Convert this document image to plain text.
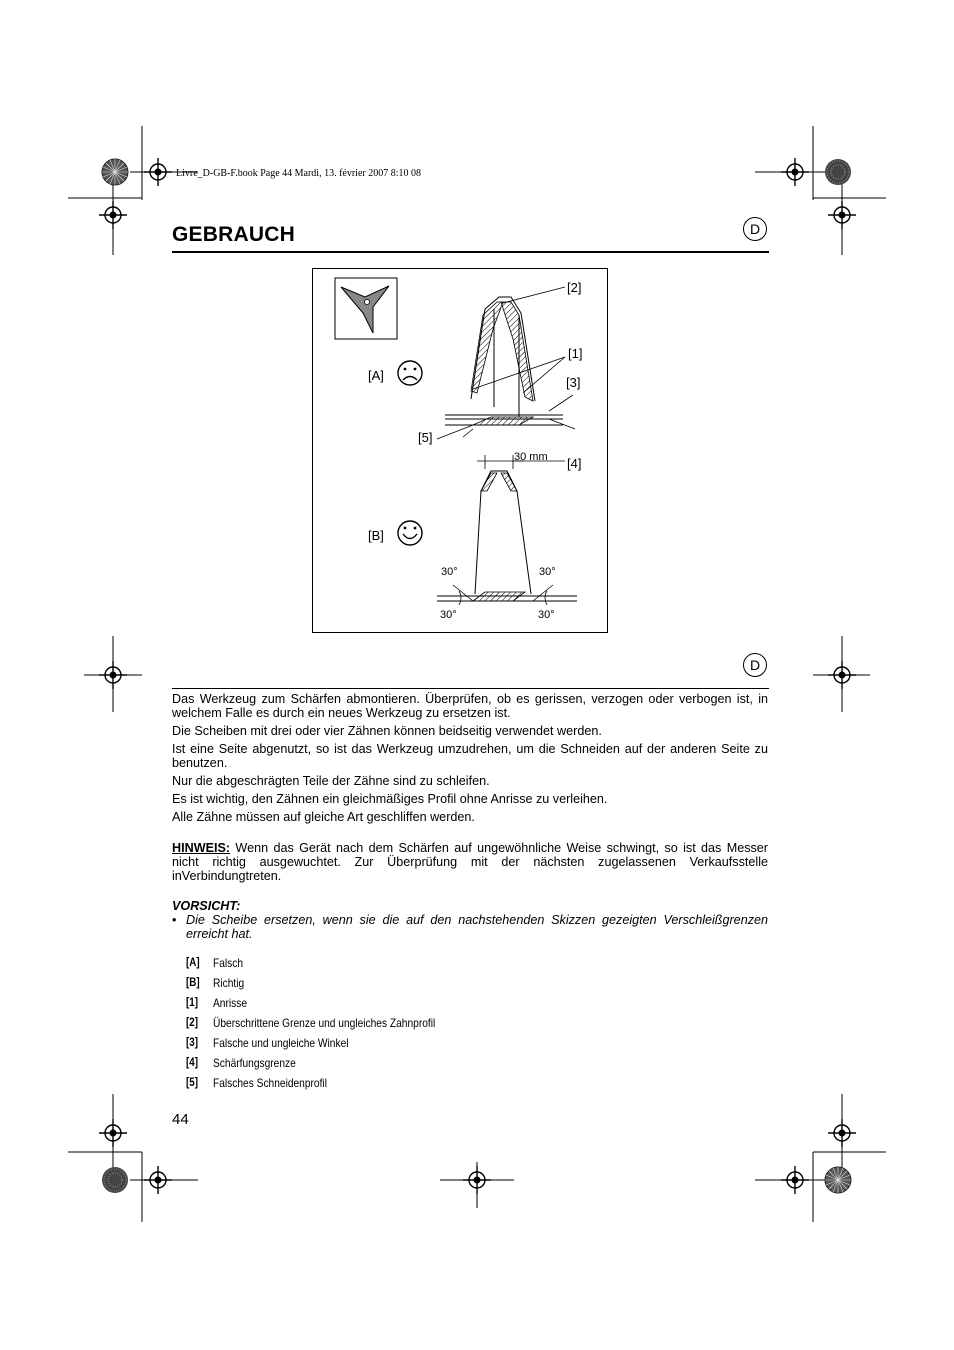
Livre_D-GB-F.book Page 44 Mardi, 13. février 2007 8:10 08
GEBRAUCH	D
[2]
[1]
[3]
[A]
[5]
30 mm [4]
[B]
30°	30°
30°	30°
D

Das Werkzeug zum Schärfen abmontieren. Überprüfen, ob es gerissen, verzogen oder verbogen ist, in welchem Falle es durch ein neues Werkzeug zu ersetzen ist.

Die Scheiben mit drei oder vier Zähnen können beidseitig verwendet werden.

Ist eine Seite abgenutzt, so ist das Werkzeug umzudrehen, um die Schneiden auf der anderen Seite zu benutzen.

Nur die abgeschrägten Teile der Zähne sind zu schleifen.

Es ist wichtig, den Zähnen ein gleichmäßiges Profil ohne Anrisse zu verleihen.

Alle Zähne müssen auf gleiche Art geschliffen werden.

HINWEIS: Wenn das Gerät nach dem Schärfen auf ungewöhnliche Weise schwingt, so ist das Messer nicht richtig ausgewuchtet. Zur Überprüfung mit der nächsten zugelassenen Verkaufsstelle inVerbindungtreten.
VORSICHT:
• Die Scheibe ersetzen, wenn sie die auf den nachstehenden Skizzen gezeigten Verschleißgrenzen erreicht hat.
[A]	Falsch
[B]	Richtig
[1]	Anrisse
[2]	Überschrittene Grenze und ungleiches Zahnprofil
[3]	Falsche und ungleiche Winkel
[4]	Schärfungsgrenze
[5]	Falsches Schneidenprofil
44
